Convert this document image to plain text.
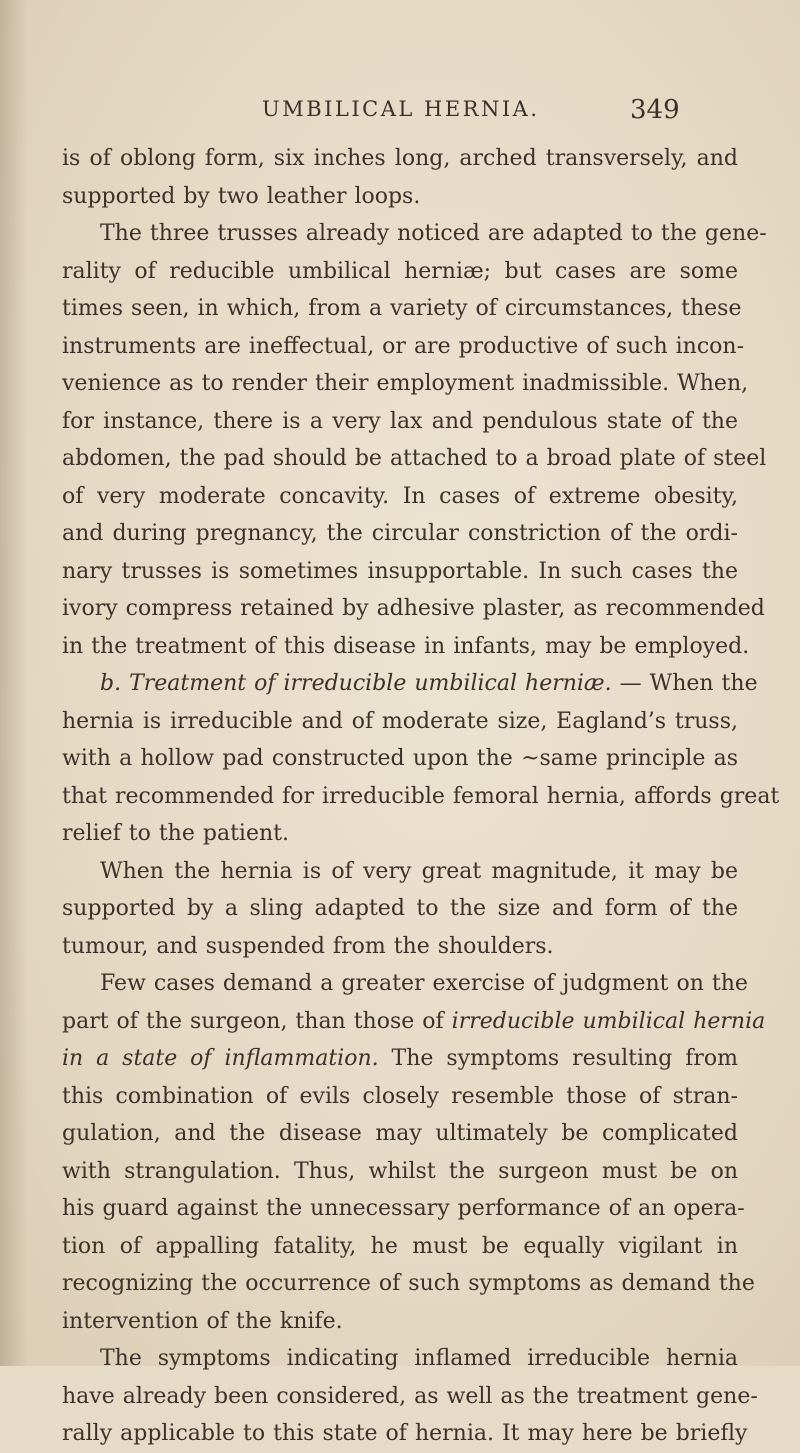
UMBILICAL HERNIA.	349
is of oblong form, six inches long, arched transversely, and
supported by two leather loops.
The three trusses already noticed are adapted to the gene-
rality of reducible umbilical herniæ; but cases are some
times seen, in which, from a variety of circumstances, these
instruments are ineffectual, or are productive of such incon-
venience as to render their employment inadmissible. When,
for instance, there is a very lax and pendulous state of the
abdomen, the pad should be attached to a broad plate of steel
of very moderate concavity. In cases of extreme obesity,
and during pregnancy, the circular constriction of the ordi-
nary trusses is sometimes insupportable. In such cases the
ivory compress retained by adhesive plaster, as recommended
in the treatment of this disease in infants, may be employed.
b. Treatment of irreducible umbilical herniæ. — When the
hernia is irreducible and of moderate size, Eagland’s truss,
with a hollow pad constructed upon the ~same principle as
that recommended for irreducible femoral hernia, affords great
relief to the patient.
When the hernia is of very great magnitude, it may be
supported by a sling adapted to the size and form of the
tumour, and suspended from the shoulders.
Few cases demand a greater exercise of judgment on the
part of the surgeon, than those of irreducible umbilical hernia
in a state of inflammation. The symptoms resulting from
this combination of evils closely resemble those of stran-
gulation, and the disease may ultimately be complicated
with strangulation. Thus, whilst the surgeon must be on
his guard against the unnecessary performance of an opera-
tion of appalling fatality, he must be equally vigilant in
recognizing the occurrence of such symptoms as demand the
intervention of the knife.
The symptoms indicating inflamed irreducible hernia
have already been considered, as well as the treatment gene-
rally applicable to this state of hernia. It may here be briefly
